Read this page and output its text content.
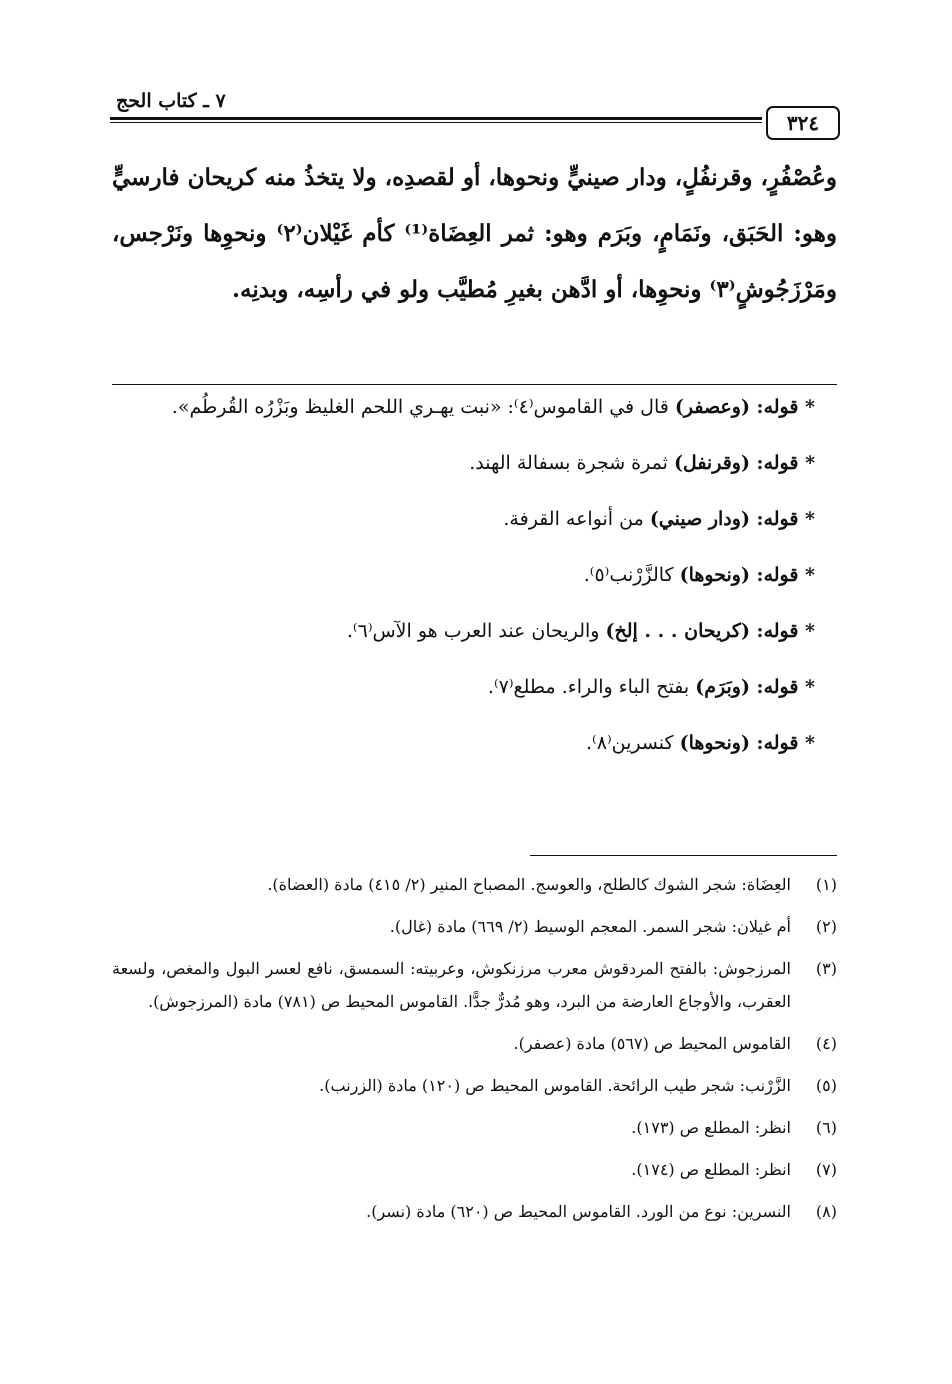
٧ ـ كتاب الحج
٣٢٤

وعُصْفُرٍ، وقرنفُلٍ، ودار صينيٍّ ونحوها، أو لقصدِه، ولا يتخذُ منه كريحان فارسيٍّ وهو: الحَبَق، ونَمَامٍ، وبَرَم وهو: ثمر العِضَاة⁽¹⁾ كأم غَيْلان⁽٢⁾ ونحوِها ونَرْجس، ومَرْزَجُوشٍ⁽٣⁾ ونحوِها، أو ادَّهن بغيرِ مُطيَّب ولو في رأسِه، وبدنِه.

* قوله: (وعصفر) قال في القاموس⁽٤⁾: «نبت يهـري اللحم الغليظ وبَزْرُه القُرطُم».

* قوله: (وقرنفل) ثمرة شجرة بسفالة الهند.

* قوله: (ودار صيني) من أنواعه القرفة.

* قوله: (ونحوها) كالزَّرْنب⁽٥⁾.

* قوله: (كريحان . . . إلخ) والريحان عند العرب هو الآس⁽٦⁾.

* قوله: (وبَرَم) بفتح الباء والراء. مطلع⁽٧⁾.

* قوله: (ونحوها) كنسرين⁽٨⁾.

(١)
العِضَاة: شجر الشوك كالطلح، والعوسج. المصباح المنير (٢/ ٤١٥) مادة (العضاة).
(٢)
أم غيلان: شجر السمر. المعجم الوسيط (٢/ ٦٦٩) مادة (غال).
(٣)
المرزجوش: بالفتح المردقوش معرب مرزنكوش، وعربيته: السمسق، نافع لعسر البول والمغص، ولسعة العقرب، والأوجاع العارضة من البرد، وهو مُدرٌّ جدًّا. القاموس المحيط ص (٧٨١) مادة (المرزجوش).
(٤)
القاموس المحيط ص (٥٦٧) مادة (عصفر).
(٥)
الزَّرْنب: شجر طيب الرائحة. القاموس المحيط ص (١٢٠) مادة (الزرنب).
(٦)
انظر: المطلع ص (١٧٣).
(٧)
انظر: المطلع ص (١٧٤).
(٨)
النسرين: نوع من الورد. القاموس المحيط ص (٦٢٠) مادة (نسر).
